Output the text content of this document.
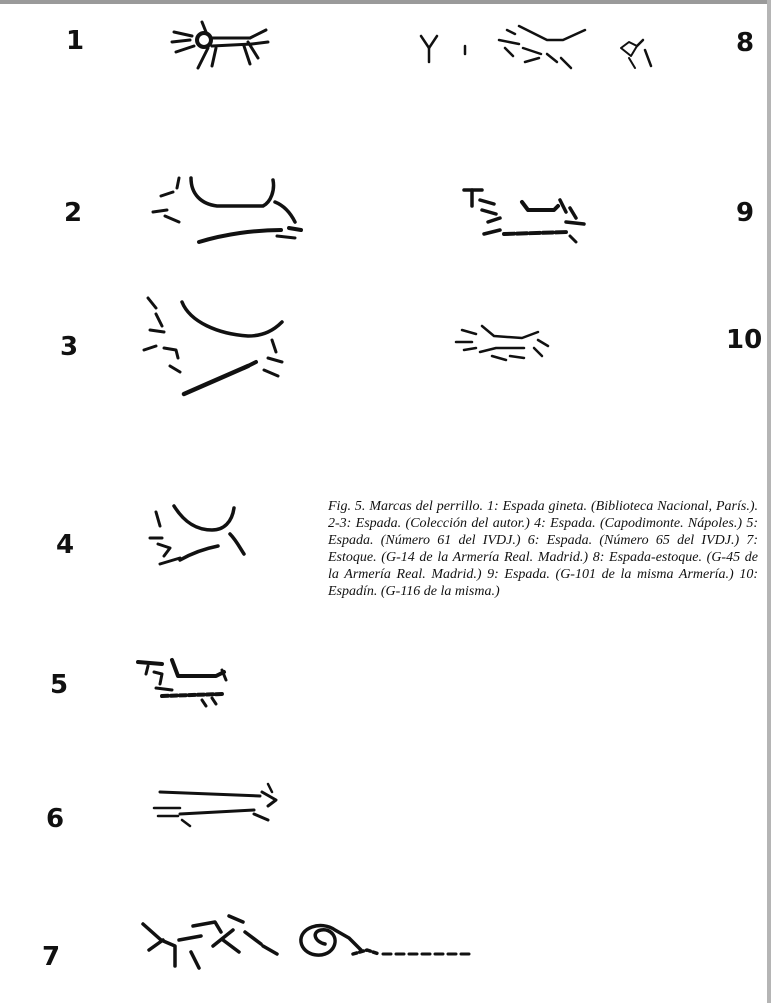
1
2
3
4
5
6
7
8
9
10

Fig. 5. Marcas del perrillo. 1: Espada gineta. (Biblioteca Nacional, París.). 2-3: Espada. (Colección del autor.) 4: Espada. (Capodimonte. Nápoles.) 5: Espada. (Número 61 del IVDJ.) 6: Espada. (Número 65 del IVDJ.) 7: Estoque. (G-14 de la Armería Real. Madrid.) 8: Espada-estoque. (G-45 de la Armería Real. Madrid.) 9: Espada. (G-101 de la misma Armería.) 10: Espadín. (G-116 de la misma.)
